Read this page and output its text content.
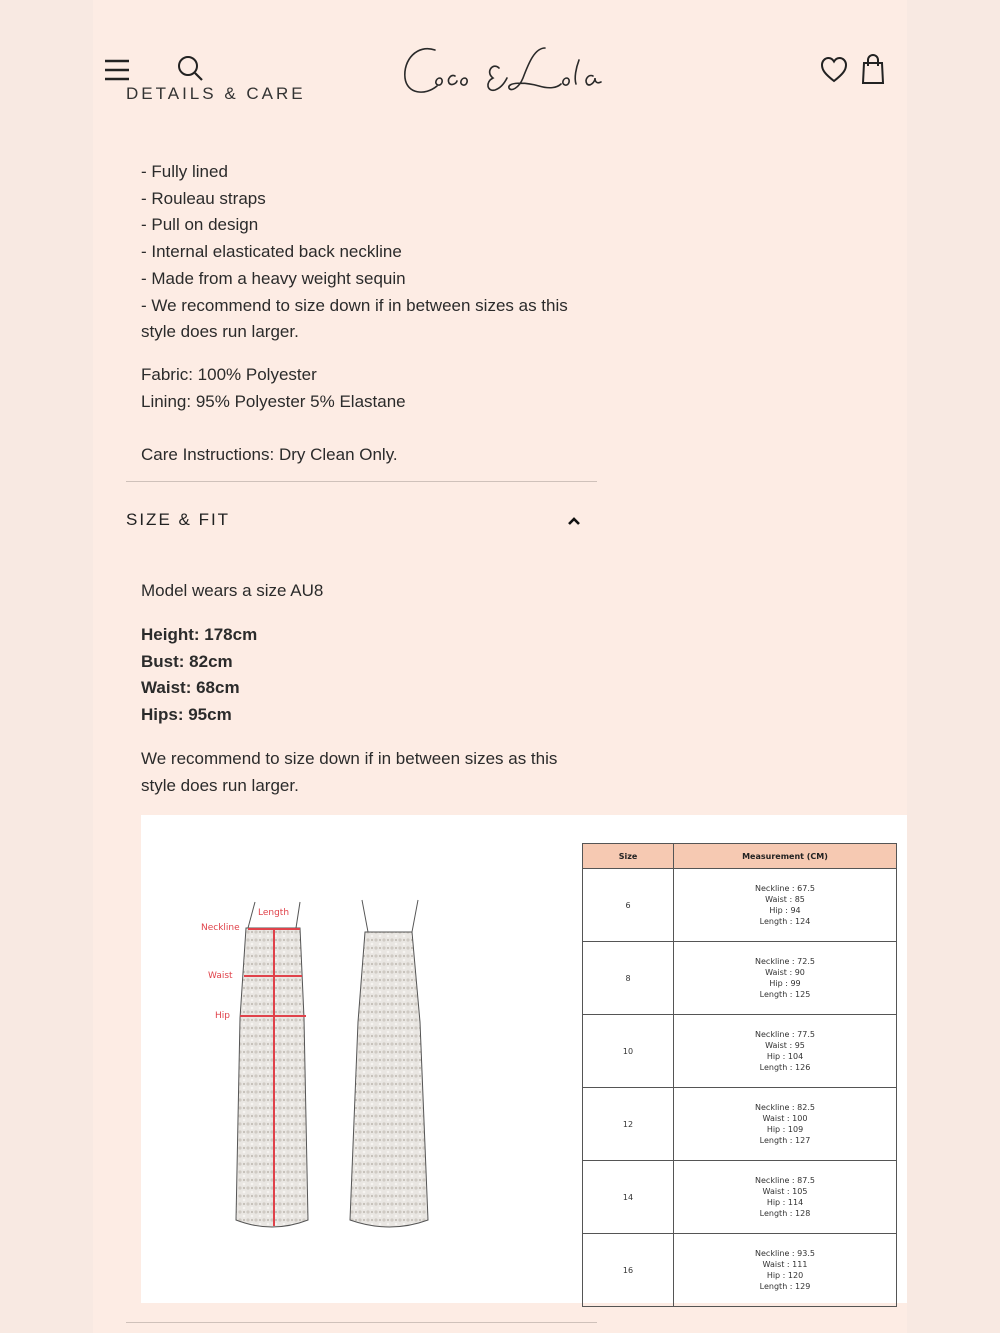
DETAILS & CARE
- Fully lined
- Rouleau straps
- Pull on design
- Internal elasticated back neckline
- Made from a heavy weight sequin
- We recommend to size down if in between sizes as this
style does run larger.
Fabric: 100% Polyester
Lining: 95% Polyester 5% Elastane
Care Instructions: Dry Clean Only.
SIZE & FIT
Model wears a size AU8
Height: 178cm
Bust: 82cm
Waist: 68cm
Hips: 95cm
We recommend to size down if in between sizes as this
style does run larger.
Length
Neckline
Waist
Hip
Size	Measurement (CM)
6	Neckline : 67.5
Waist : 85
Hip : 94
Length : 124

8	Neckline : 72.5
Waist : 90
Hip : 99
Length : 125

10	Neckline : 77.5
Waist : 95
Hip : 104
Length : 126

12	Neckline : 82.5
Waist : 100
Hip : 109
Length : 127

14	Neckline : 87.5
Waist : 105
Hip : 114
Length : 128

16	Neckline : 93.5
Waist : 111
Hip : 120
Length : 129
